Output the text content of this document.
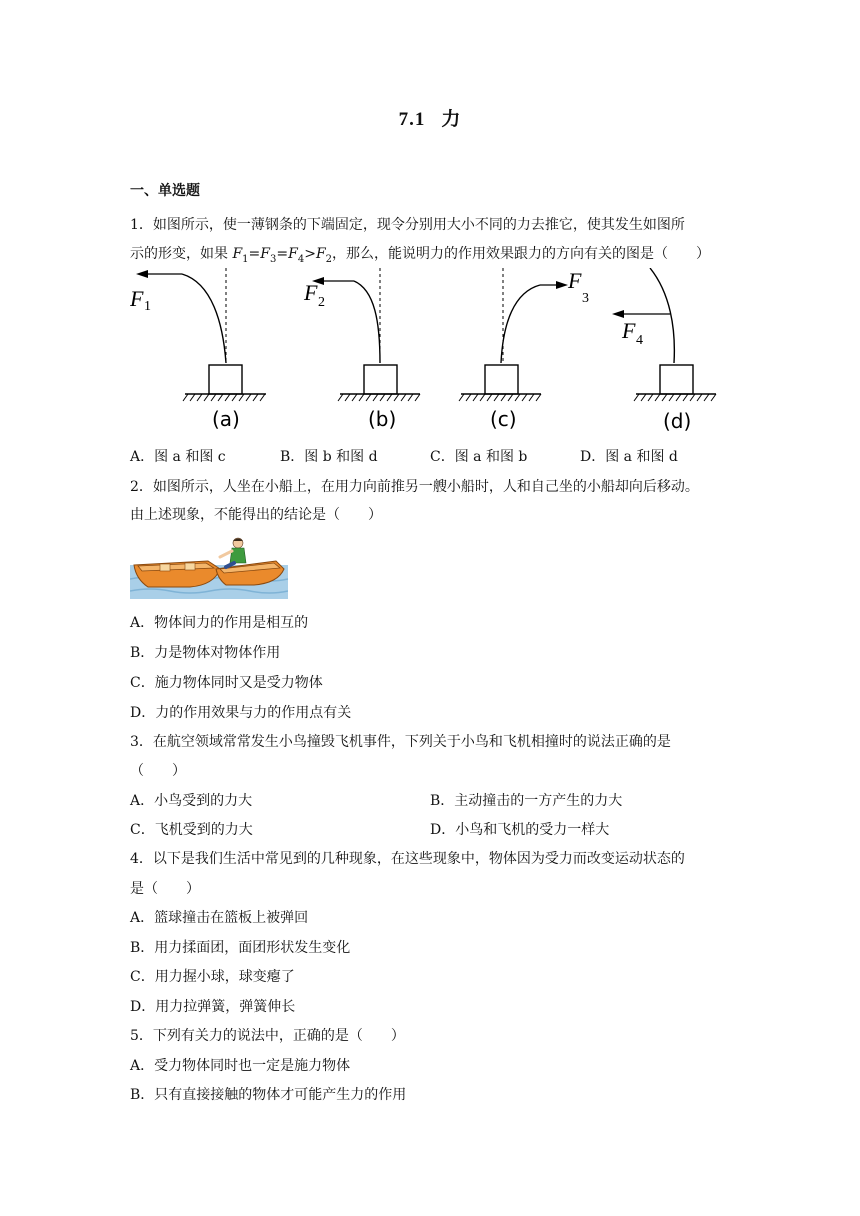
7.1 力
一、单选题
1．如图所示，使一薄钢条的下端固定，现令分别用大小不同的力去推它，使其发生如图所
示的形变，如果 $F_1=F_3=F_4>F_2$，那么，能说明力的作用效果跟力的方向有关的图是（　　）
F 1
(a)
F 2
(b)
F
3
(c)
F 4
(d)
A．图 a 和图 c	B．图 b 和图 d	C．图 a 和图 b	D．图 a 和图 d
2．如图所示，人坐在小船上，在用力向前推另一艘小船时，人和自己坐的小船却向后移动。
由上述现象，不能得出的结论是（　　）
A．物体间力的作用是相互的
B．力是物体对物体作用
C．施力物体同时又是受力物体
D．力的作用效果与力的作用点有关
3．在航空领域常常发生小鸟撞毁飞机事件，下列关于小鸟和飞机相撞时的说法正确的是
（　　）
A．小鸟受到的力大	B．主动撞击的一方产生的力大
C．飞机受到的力大	D．小鸟和飞机的受力一样大
4．以下是我们生活中常见到的几种现象，在这些现象中，物体因为受力而改变运动状态的
是（　　）
A．篮球撞击在篮板上被弹回
B．用力揉面团，面团形状发生变化
C．用力握小球，球变瘪了
D．用力拉弹簧，弹簧伸长
5．下列有关力的说法中，正确的是（　　）
A．受力物体同时也一定是施力物体
B．只有直接接触的物体才可能产生力的作用
